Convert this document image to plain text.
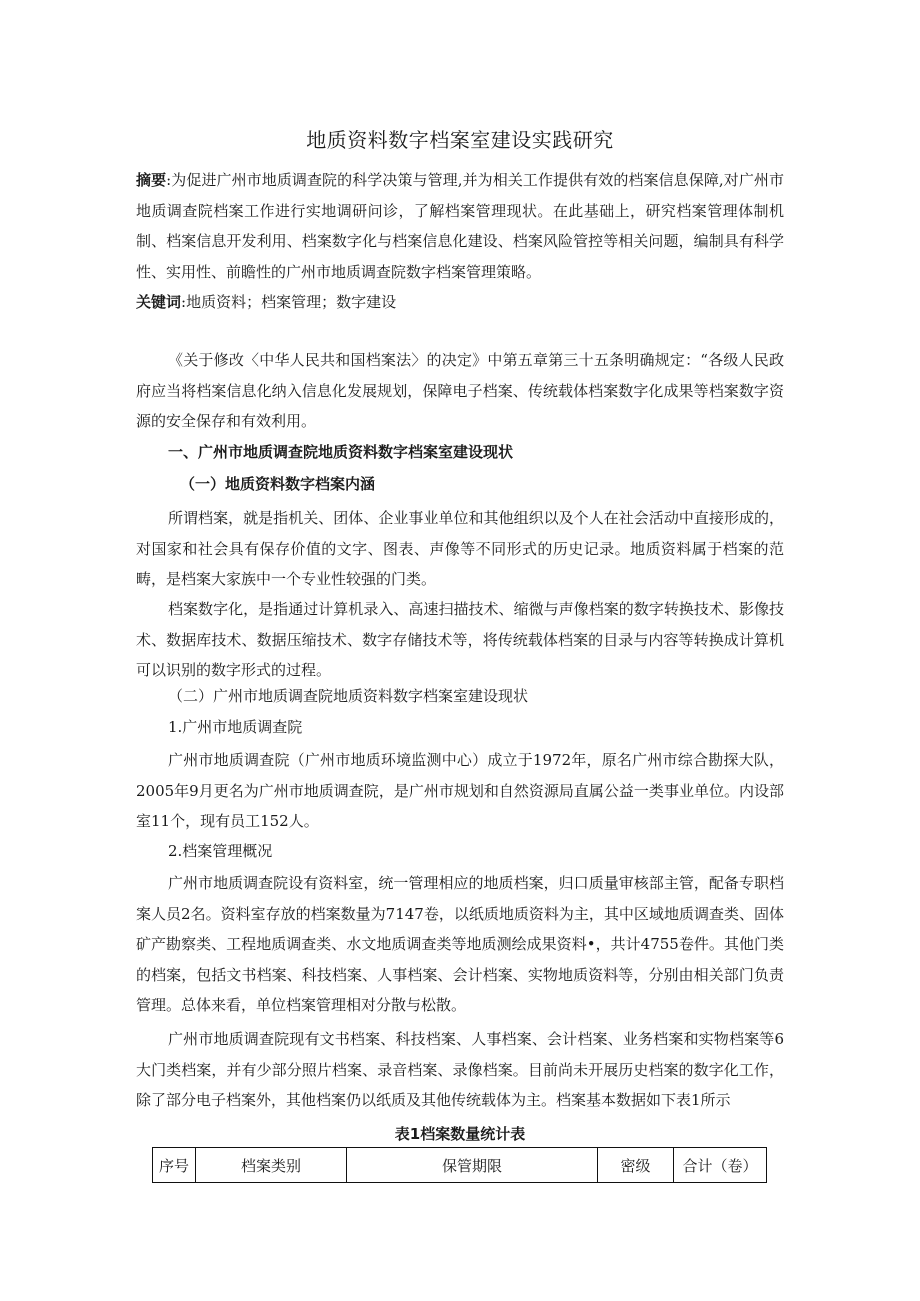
地质资料数字档案室建设实践研究

摘要:为促进广州市地质调查院的科学决策与管理,并为相关工作提供有效的档案信息保障,对广州市地质调查院档案工作进行实地调研问诊，了解档案管理现状。在此基础上，研究档案管理体制机制、档案信息开发利用、档案数字化与档案信息化建设、档案风险管控等相关问题，编制具有科学性、实用性、前瞻性的广州市地质调查院数字档案管理策略。

关键词:地质资料；档案管理；数字建设

《关于修改〈中华人民共和国档案法〉的决定》中第五章第三十五条明确规定：“各级人民政府应当将档案信息化纳入信息化发展规划，保障电子档案、传统载体档案数字化成果等档案数字资源的安全保存和有效利用。

一、广州市地质调查院地质资料数字档案室建设现状

（一）地质资料数字档案内涵

所谓档案，就是指机关、团体、企业事业单位和其他组织以及个人在社会活动中直接形成的，对国家和社会具有保存价值的文字、图表、声像等不同形式的历史记录。地质资料属于档案的范畴，是档案大家族中一个专业性较强的门类。

档案数字化，是指通过计算机录入、高速扫描技术、缩微与声像档案的数字转换技术、影像技术、数据库技术、数据压缩技术、数字存储技术等，将传统载体档案的目录与内容等转换成计算机可以识别的数字形式的过程。

（二）广州市地质调查院地质资料数字档案室建设现状

1.广州市地质调查院

广州市地质调查院（广州市地质环境监测中心）成立于1972年，原名广州市综合勘探大队，2005年9月更名为广州市地质调查院，是广州市规划和自然资源局直属公益一类事业单位。内设部室11个，现有员工152人。

2.档案管理概况

广州市地质调查院设有资料室，统一管理相应的地质档案，归口质量审核部主管，配备专职档案人员2名。资料室存放的档案数量为7147卷，以纸质地质资料为主，其中区域地质调查类、固体矿产勘察类、工程地质调查类、水文地质调查类等地质测绘成果资料•，共计4755卷件。其他门类的档案，包括文书档案、科技档案、人事档案、会计档案、实物地质资料等，分别由相关部门负责管理。总体来看，单位档案管理相对分散与松散。

广州市地质调查院现有文书档案、科技档案、人事档案、会计档案、业务档案和实物档案等6大门类档案，并有少部分照片档案、录音档案、录像档案。目前尚未开展历史档案的数字化工作，除了部分电子档案外，其他档案仍以纸质及其他传统载体为主。档案基本数据如下表1所示

表1档案数量统计表
序号	档案类别	保管期限	密级	合计（卷）
